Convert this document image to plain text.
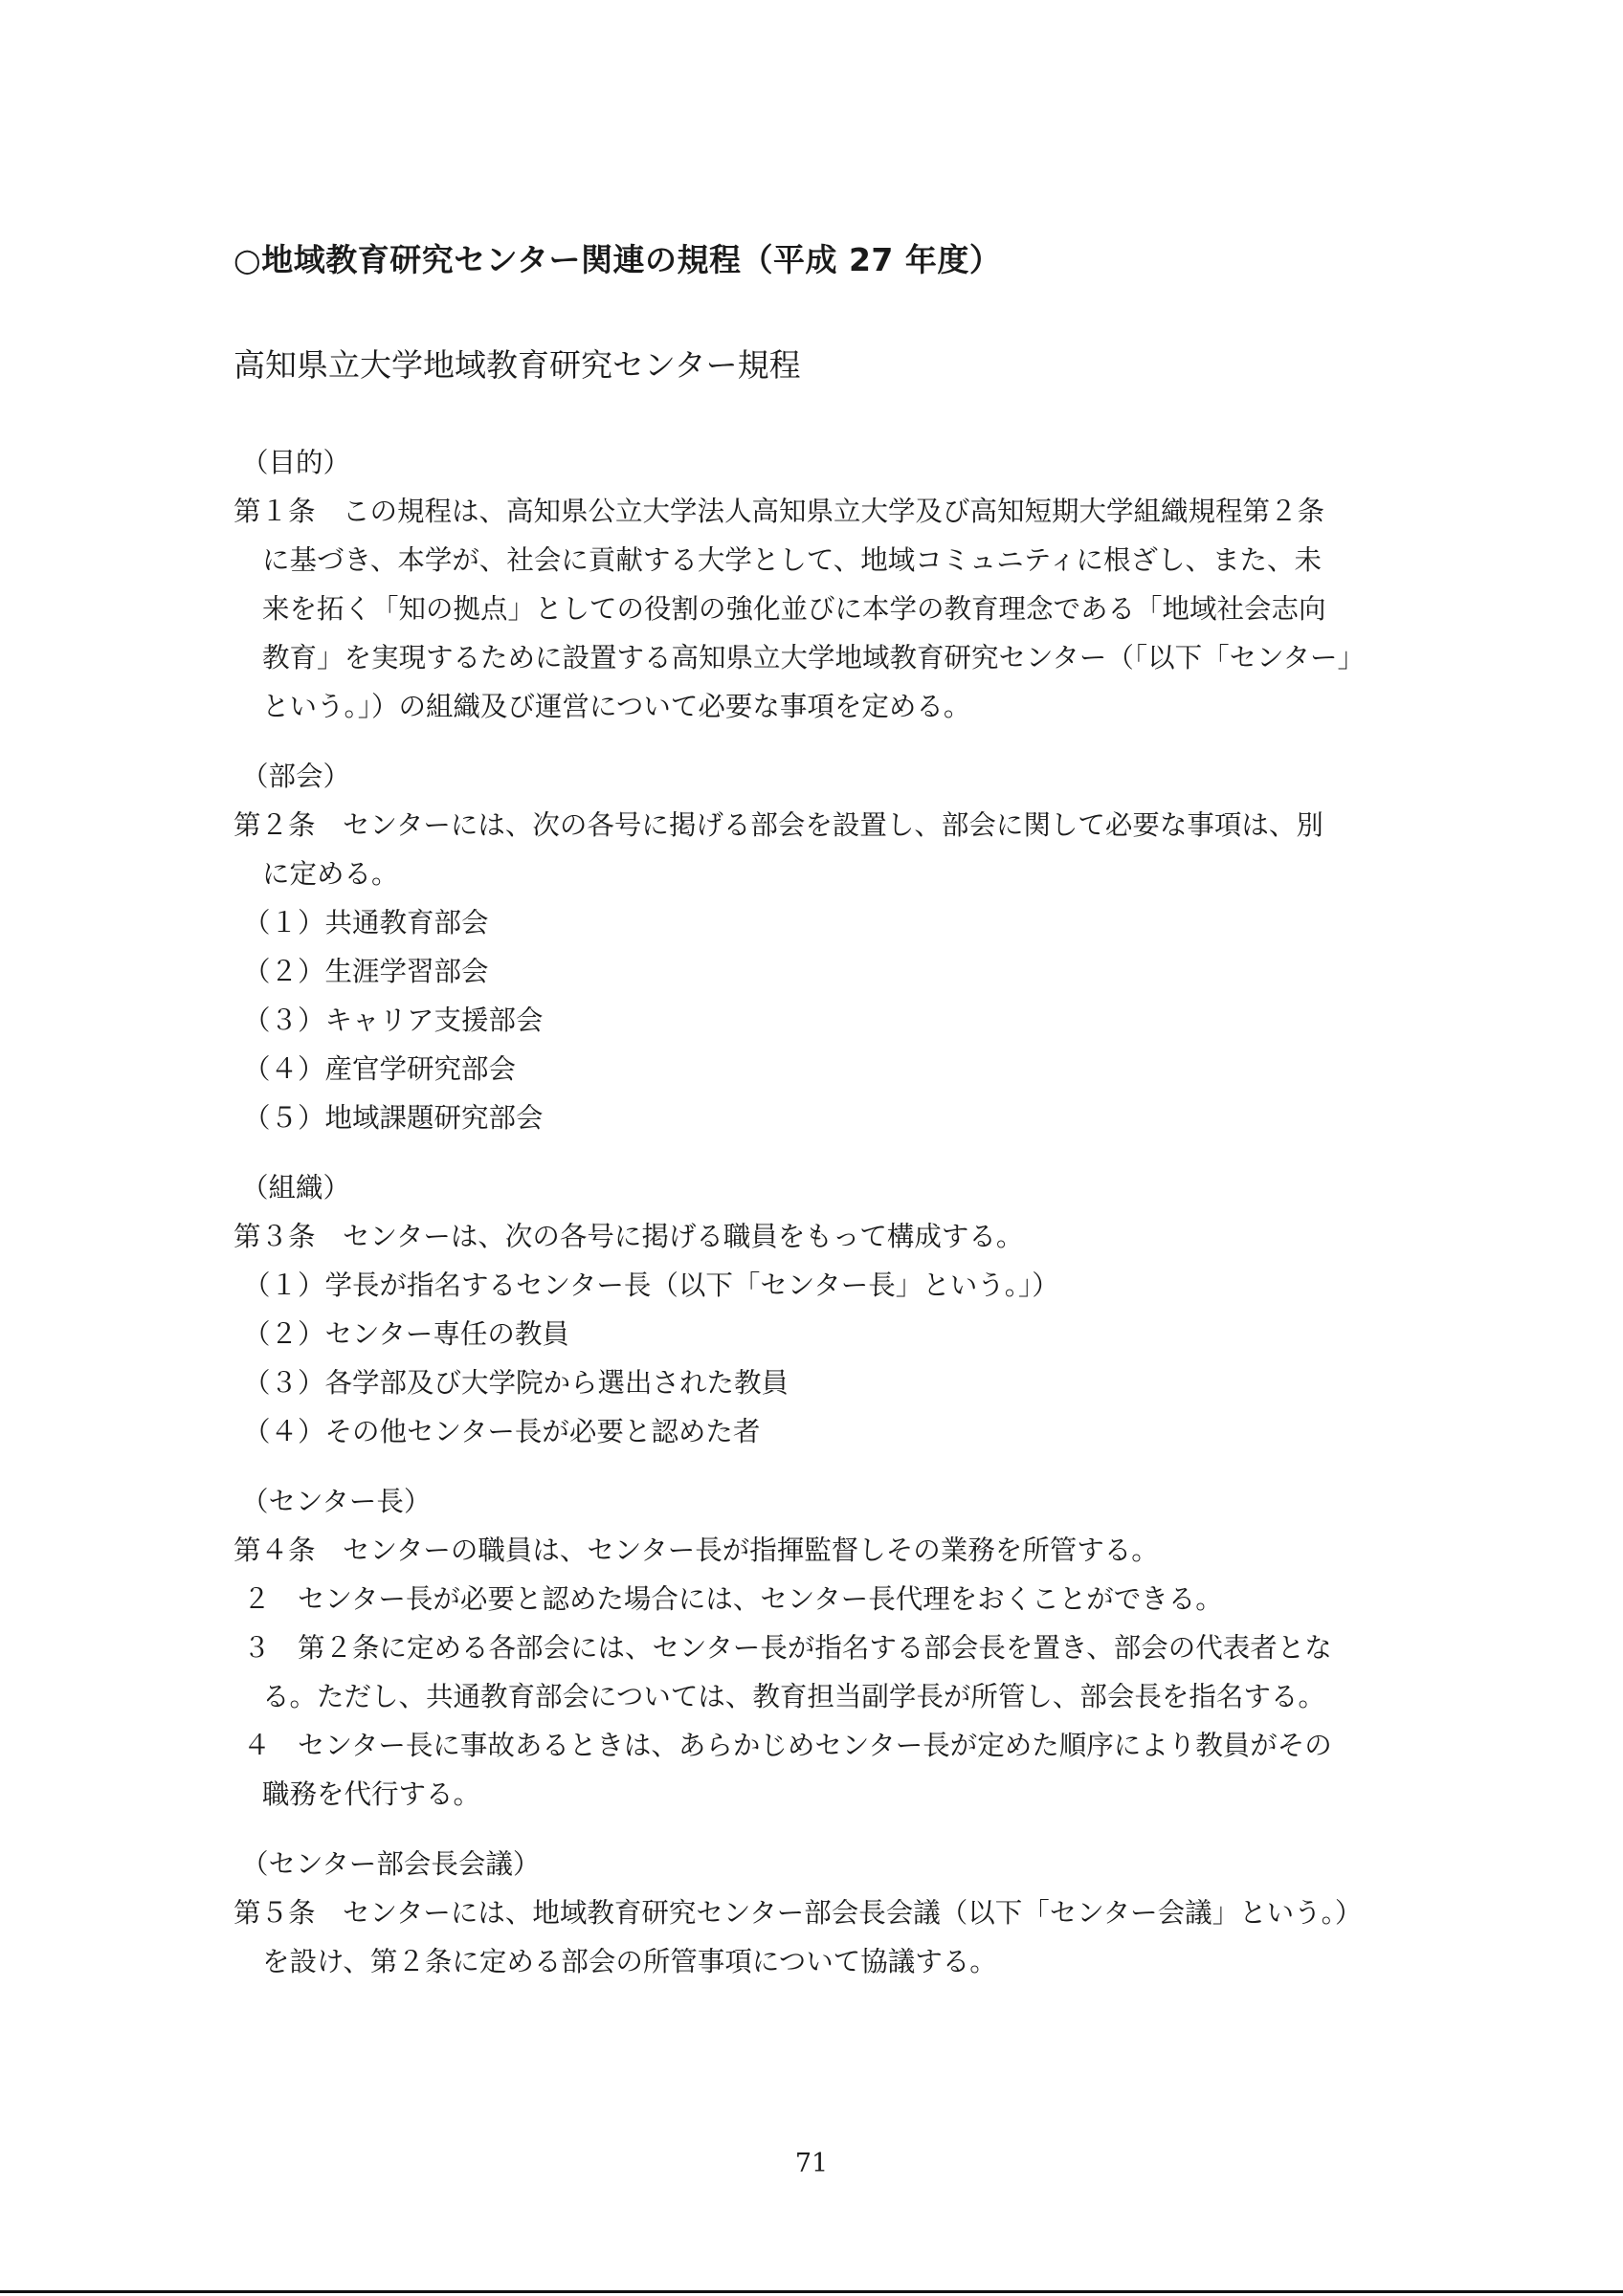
○地域教育研究センター関連の規程（平成 27 年度）
高知県立大学地域教育研究センター規程
（目的）
第１条　この規程は、高知県公立大学法人高知県立大学及び高知短期大学組織規程第２条
に基づき、本学が、社会に貢献する大学として、地域コミュニティに根ざし、また、未
来を拓く「知の拠点」としての役割の強化並びに本学の教育理念である「地域社会志向
教育」を実現するために設置する高知県立大学地域教育研究センター（「以下「センター」
という。」）の組織及び運営について必要な事項を定める。
（部会）
第２条　センターには、次の各号に掲げる部会を設置し、部会に関して必要な事項は、別
に定める。
（１）共通教育部会
（２）生涯学習部会
（３）キャリア支援部会
（４）産官学研究部会
（５）地域課題研究部会
（組織）
第３条　センターは、次の各号に掲げる職員をもって構成する。
（１）学長が指名するセンター長（以下「センター長」という。」）
（２）センター専任の教員
（３）各学部及び大学院から選出された教員
（４）その他センター長が必要と認めた者
（センター長）
第４条　センターの職員は、センター長が指揮監督しその業務を所管する。
２　センター長が必要と認めた場合には、センター長代理をおくことができる。
３　第２条に定める各部会には、センター長が指名する部会長を置き、部会の代表者とな
る。ただし、共通教育部会については、教育担当副学長が所管し、部会長を指名する。
４　センター長に事故あるときは、あらかじめセンター長が定めた順序により教員がその
職務を代行する。
（センター部会長会議）
第５条　センターには、地域教育研究センター部会長会議（以下「センター会議」という。）
を設け、第２条に定める部会の所管事項について協議する。
71
